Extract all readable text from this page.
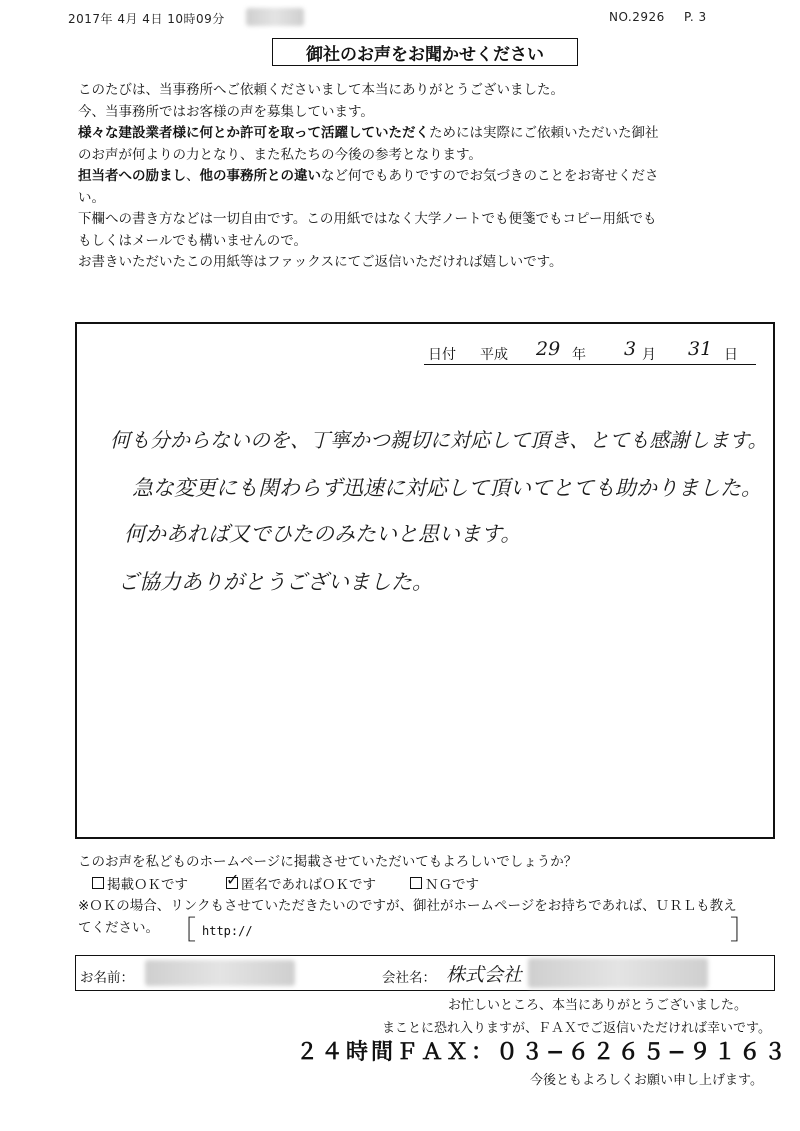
2017年 4月 4日 10時09分	NO.2926 P. 3
御社のお声をお聞かせください

このたびは、当事務所へご依頼くださいまして本当にありがとうございました。

今、当事務所ではお客様の声を募集しています。

様々な建設業者様に何とか許可を取って活躍していただくためには実際にご依頼いただいた御社

のお声が何よりの力となり、また私たちの今後の参考となります。

担当者への励まし、他の事務所との違いなど何でもありですのでお気づきのことをお寄せくださ

い。

下欄への書き方などは一切自由です。この用紙ではなく大学ノートでも便箋でもコピー用紙でも

もしくはメールでも構いませんので。

お書きいただいたこの用紙等はファックスにてご返信いただければ嬉しいです。

日付 平成 29 年 3 月 31 日
何も分からないのを、丁寧かつ親切に対応して頂き、とても感謝します。
急な変更にも関わらず迅速に対応して頂いてとても助かりました。
何かあれば又でひたのみたいと思います。
ご協力ありがとうございました。
このお声を私どものホームページに掲載させていただいてもよろしいでしょうか？
掲載ＯＫです ✓ 匿名であればＯＫです	ＮＧです
※ＯＫの場合、リンクもさせていただきたいのですが、御社がホームページをお持ちであれば、ＵＲＬも教え
てください。 ［ http://	］
お名前：	会社名： 株式会社
お忙しいところ、本当にありがとうございました。
まことに恐れ入りますが、ＦＡＸでご返信いただければ幸いです。
２４時間ＦＡＸ：０３−６２６５−９１６３
今後ともよろしくお願い申し上げます。
